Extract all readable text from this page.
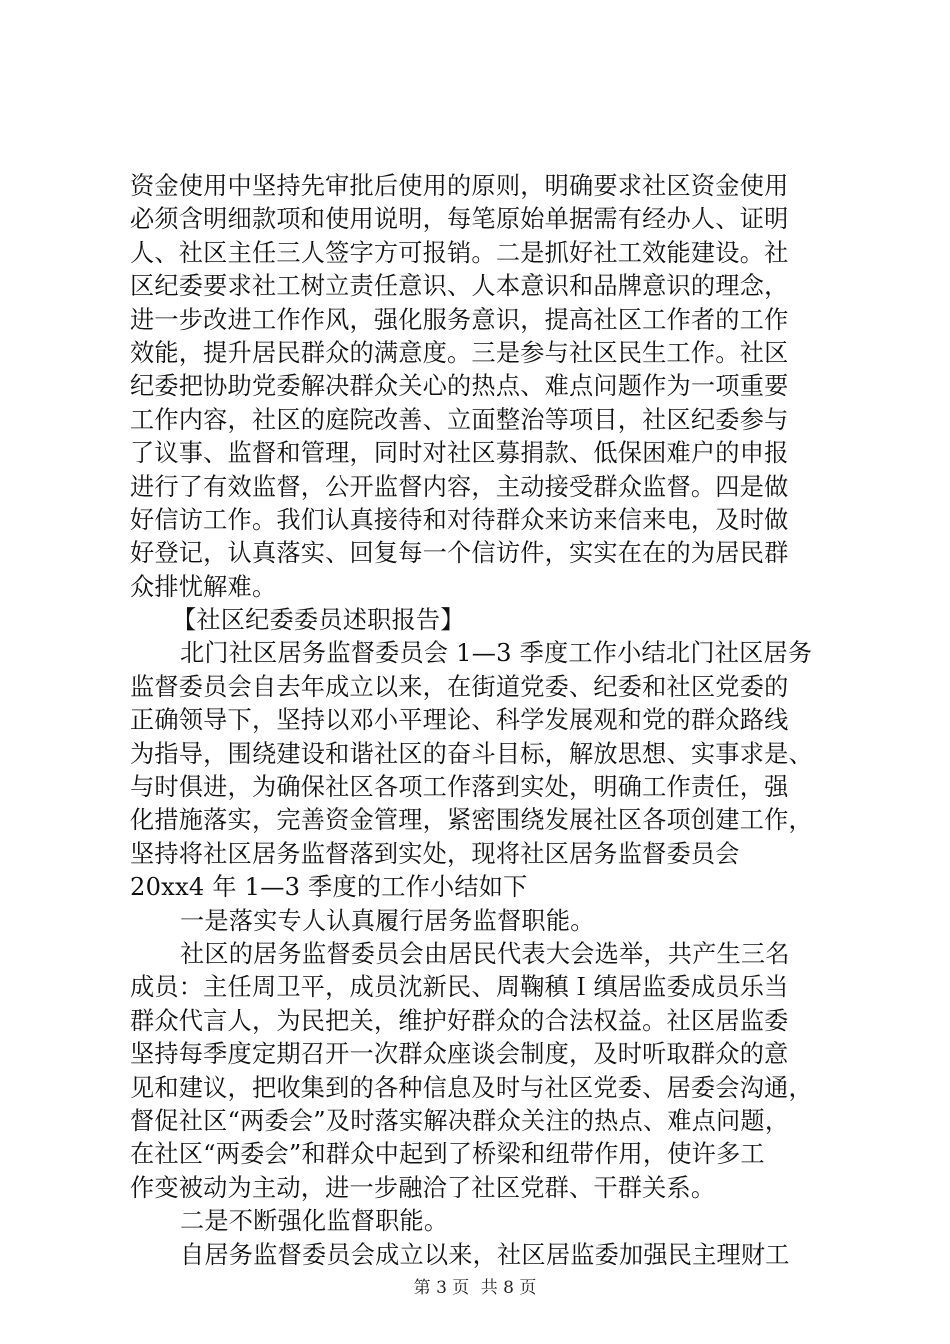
资金使用中坚持先审批后使用的原则，明确要求社区资金使用
必须含明细款项和使用说明，每笔原始单据需有经办人、证明
人、社区主任三人签字方可报销。二是抓好社工效能建设。社
区纪委要求社工树立责任意识、人本意识和品牌意识的理念，
进一步改进工作作风，强化服务意识，提高社区工作者的工作
效能，提升居民群众的满意度。三是参与社区民生工作。社区
纪委把协助党委解决群众关心的热点、难点问题作为一项重要
工作内容，社区的庭院改善、立面整治等项目，社区纪委参与
了议事、监督和管理，同时对社区募捐款、低保困难户的申报
进行了有效监督，公开监督内容，主动接受群众监督。四是做
好信访工作。我们认真接待和对待群众来访来信来电，及时做
好登记，认真落实、回复每一个信访件，实实在在的为居民群
众排忧解难。
【社区纪委委员述职报告】
北门社区居务监督委员会 1—3 季度工作小结北门社区居务
监督委员会自去年成立以来，在街道党委、纪委和社区党委的
正确领导下，坚持以邓小平理论、科学发展观和党的群众路线
为指导，围绕建设和谐社区的奋斗目标，解放思想、实事求是、
与时俱进，为确保社区各项工作落到实处，明确工作责任，强
化措施落实，完善资金管理，紧密围绕发展社区各项创建工作，
坚持将社区居务监督落到实处，现将社区居务监督委员会
20xx4 年 1—3 季度的工作小结如下
一是落实专人认真履行居务监督职能。
社区的居务监督委员会由居民代表大会选举，共产生三名
成员：主任周卫平，成员沈新民、周鞠稹Ｉ缜居监委成员乐当
群众代言人，为民把关，维护好群众的合法权益。社区居监委
坚持每季度定期召开一次群众座谈会制度，及时听取群众的意
见和建议，把收集到的各种信息及时与社区党委、居委会沟通，
督促社区“两委会”及时落实解决群众关注的热点、难点问题，
在社区“两委会”和群众中起到了桥梁和纽带作用，使许多工
作变被动为主动，进一步融洽了社区党群、干群关系。
二是不断强化监督职能。
自居务监督委员会成立以来，社区居监委加强民主理财工
第 3 页 共 8 页
